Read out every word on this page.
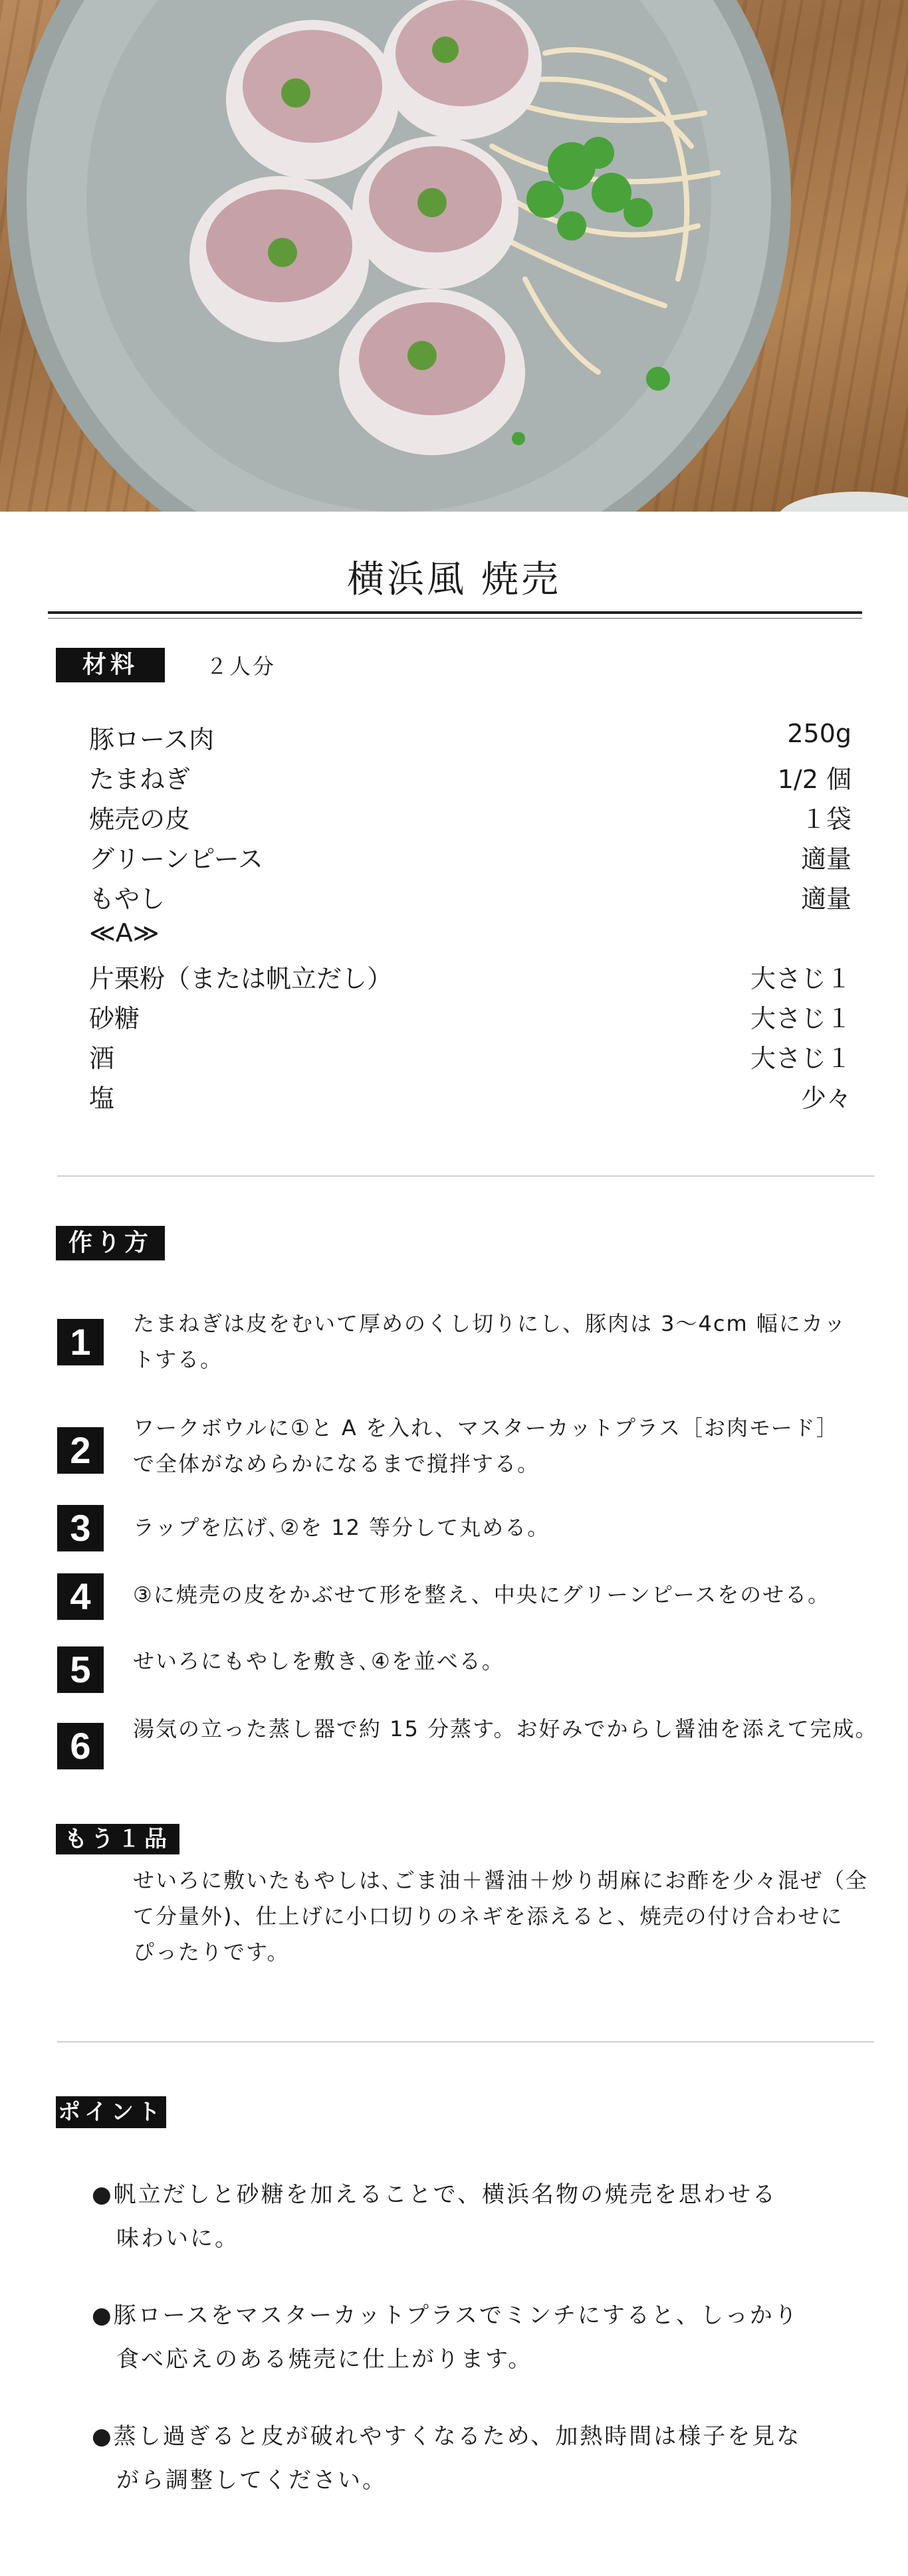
横浜風 焼売
材料	２人分
豚ロース肉	250g
たまねぎ	1/2 個
焼売の皮	１袋
グリーンピース	適量
もやし	適量
≪A≫
片栗粉（または帆立だし）	大さじ１
砂糖	大さじ１
酒	大さじ１
塩	少々
作り方
1	たまねぎは皮をむいて厚めのくし切りにし、豚肉は 3〜4cm 幅にカッ
トする。
2
ワークボウルに①と A を入れ、マスターカットプラス［お肉モード］
で全体がなめらかになるまで撹拌する。
3	ラップを広げ､②を 12 等分して丸める。
4	③に焼売の皮をかぶせて形を整え、中央にグリーンピースをのせる。
5	せいろにもやしを敷き､④を並べる。
6	湯気の立った蒸し器で約 15 分蒸す。お好みでからし醤油を添えて完成。
もう１品
せいろに敷いたもやしは､ごま油＋醤油＋炒り胡麻にお酢を少々混ぜ（全
て分量外)、仕上げに小口切りのネギを添えると、焼売の付け合わせに
ぴったりです。
ポイント
●帆立だしと砂糖を加えることで、横浜名物の焼売を思わせる
　味わいに。
●豚ロースをマスターカットプラスでミンチにすると、しっかり
　食べ応えのある焼売に仕上がります。
●蒸し過ぎると皮が破れやすくなるため、加熱時間は様子を見な
　がら調整してください。
